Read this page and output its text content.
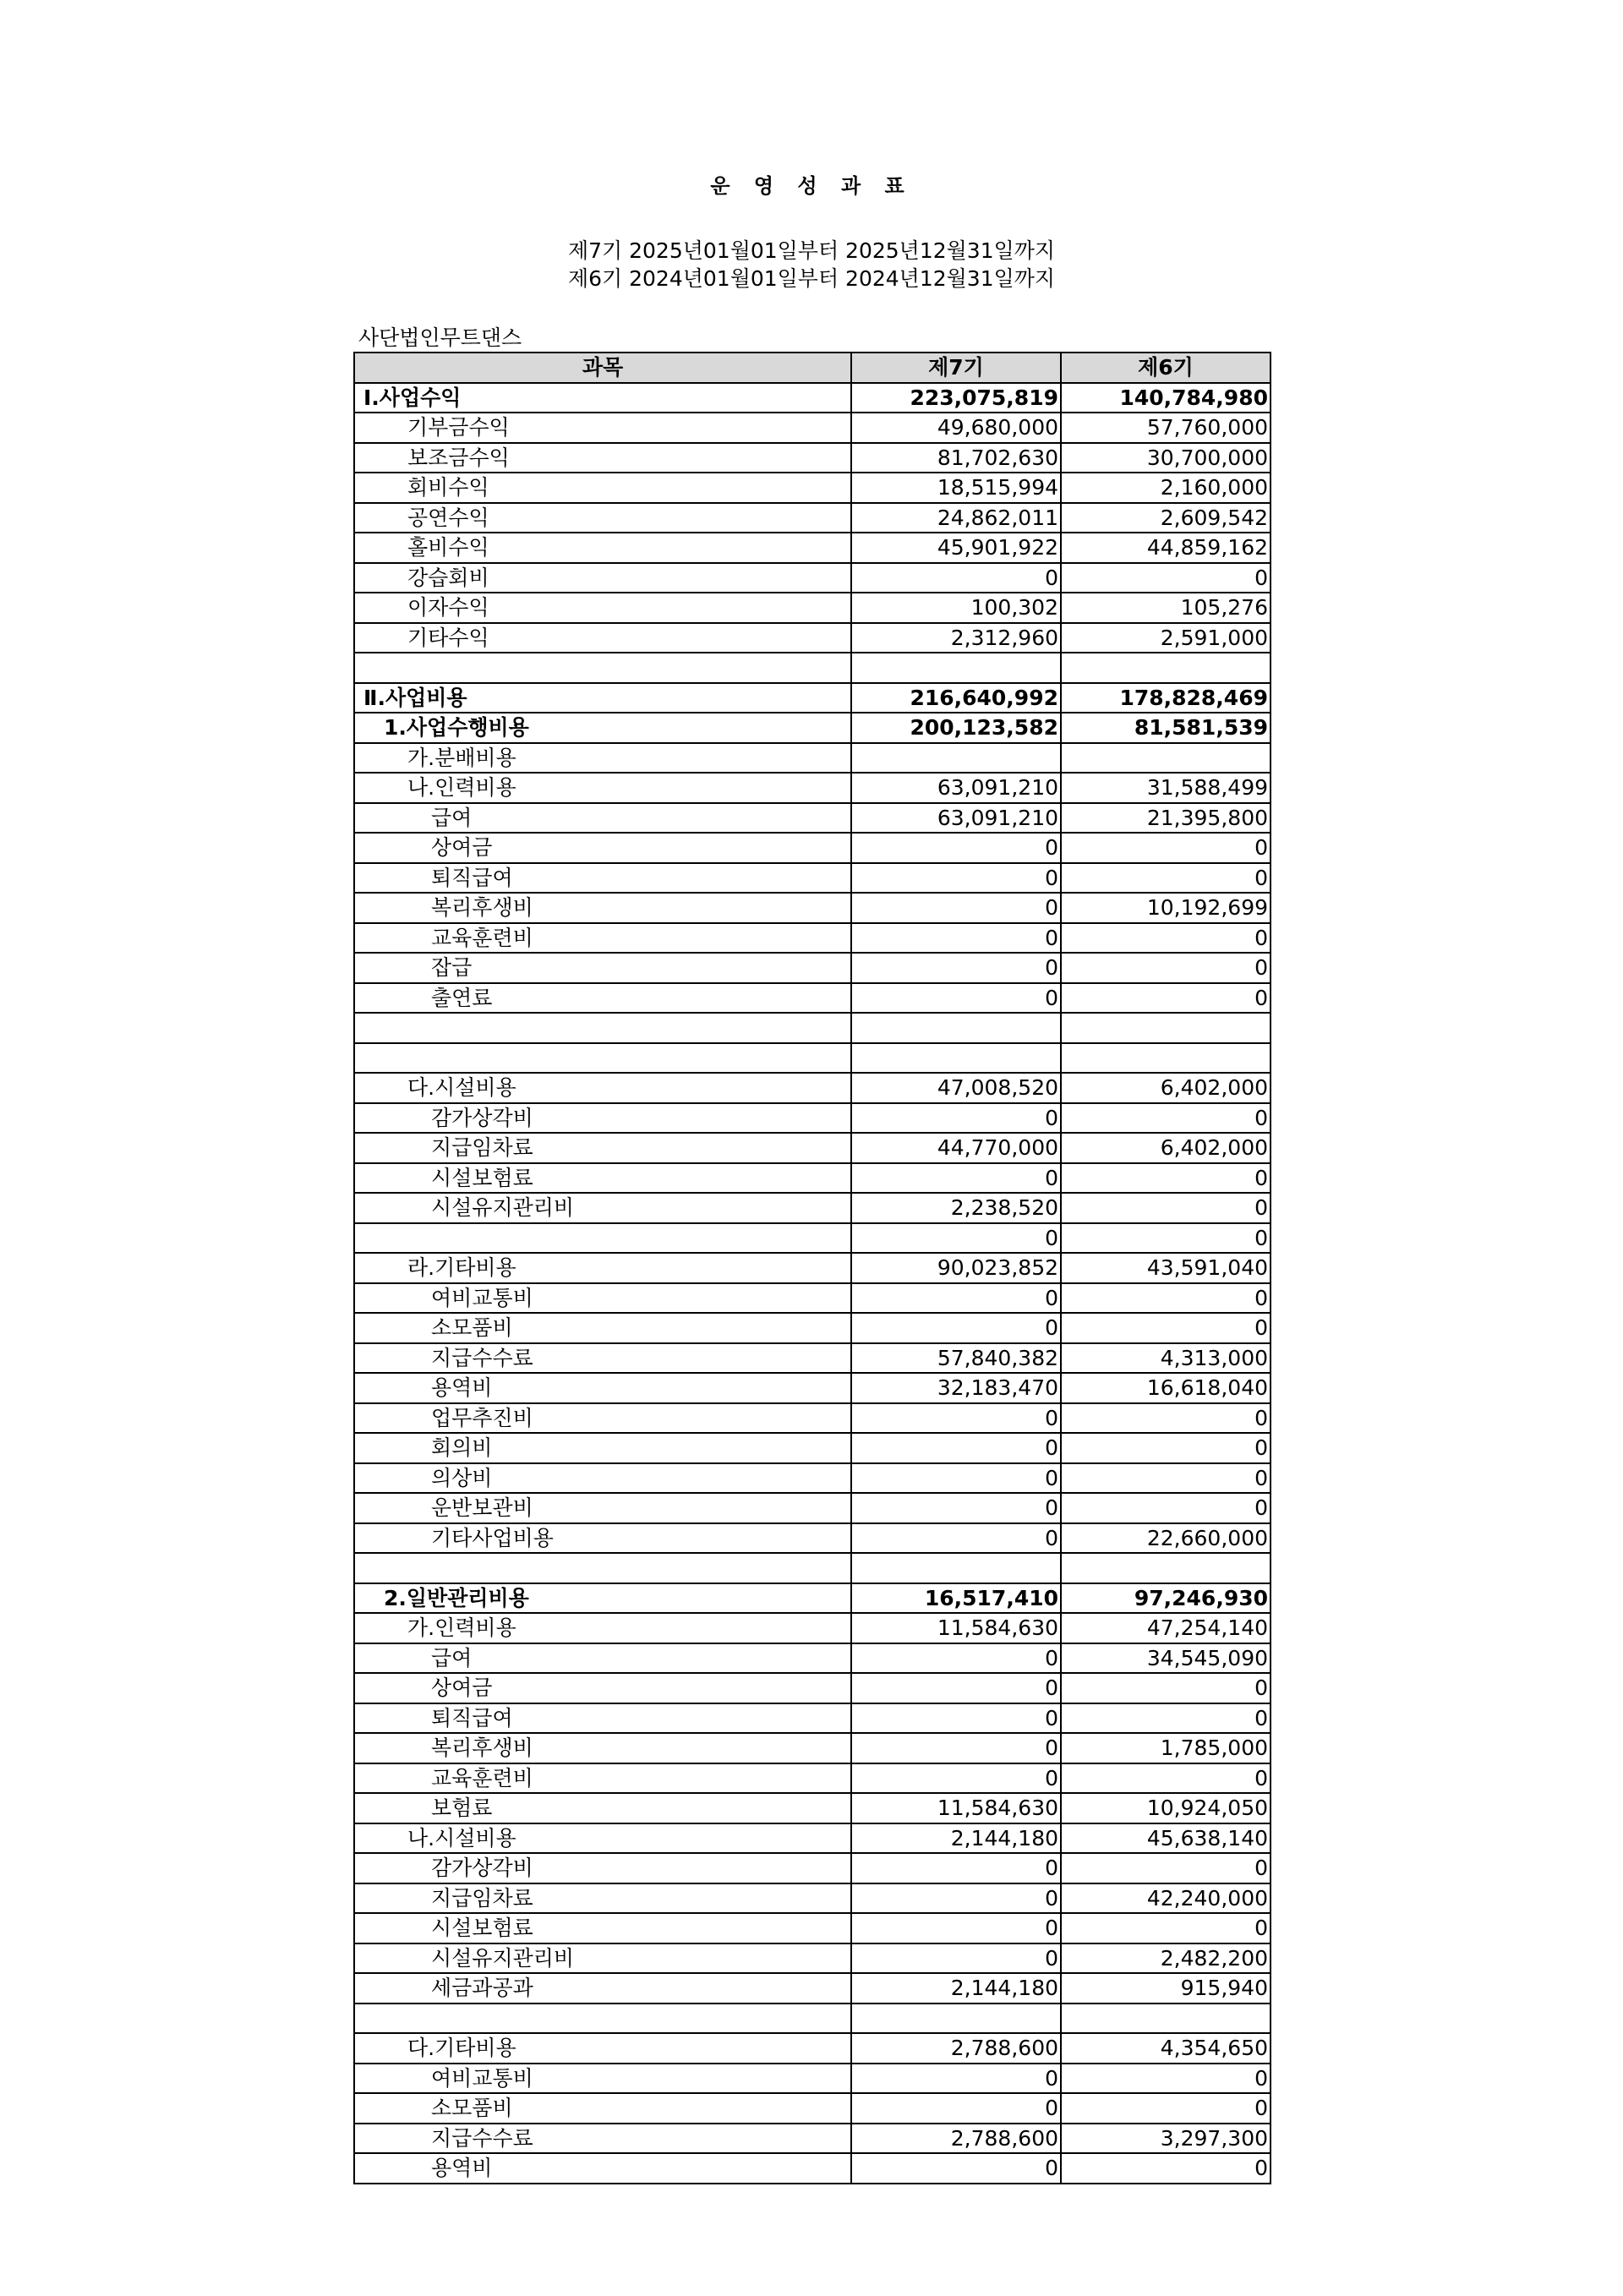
운 영 성 과 표
제7기 2025년01월01일부터 2025년12월31일까지
제6기 2024년01월01일부터 2024년12월31일까지
사단법인무트댄스
과목	제7기	제6기
Ⅰ.사업수익	223,075,819	140,784,980
기부금수익	49,680,000	57,760,000
보조금수익	81,702,630	30,700,000
회비수익	18,515,994	2,160,000
공연수익	24,862,011	2,609,542
홀비수익	45,901,922	44,859,162
강습회비	0	0
이자수익	100,302	105,276
기타수익	2,312,960	2,591,000

Ⅱ.사업비용	216,640,992	178,828,469
1.사업수행비용	200,123,582	81,581,539
가.분배비용		
나.인력비용	63,091,210	31,588,499
급여	63,091,210	21,395,800
상여금	0	0
퇴직급여	0	0
복리후생비	0	10,192,699
교육훈련비	0	0
잡급	0	0
출연료	0	0

다.시설비용	47,008,520	6,402,000
감가상각비	0	0
지급임차료	44,770,000	6,402,000
시설보험료	0	0
시설유지관리비	2,238,520	0
	0	0
라.기타비용	90,023,852	43,591,040
여비교통비	0	0
소모품비	0	0
지급수수료	57,840,382	4,313,000
용역비	32,183,470	16,618,040
업무추진비	0	0
회의비	0	0
의상비	0	0
운반보관비	0	0
기타사업비용	0	22,660,000

2.일반관리비용	16,517,410	97,246,930
가.인력비용	11,584,630	47,254,140
급여	0	34,545,090
상여금	0	0
퇴직급여	0	0
복리후생비	0	1,785,000
교육훈련비	0	0
보험료	11,584,630	10,924,050
나.시설비용	2,144,180	45,638,140
감가상각비	0	0
지급임차료	0	42,240,000
시설보험료	0	0
시설유지관리비	0	2,482,200
세금과공과	2,144,180	915,940

다.기타비용	2,788,600	4,354,650
여비교통비	0	0
소모품비	0	0
지급수수료	2,788,600	3,297,300
용역비	0	0
